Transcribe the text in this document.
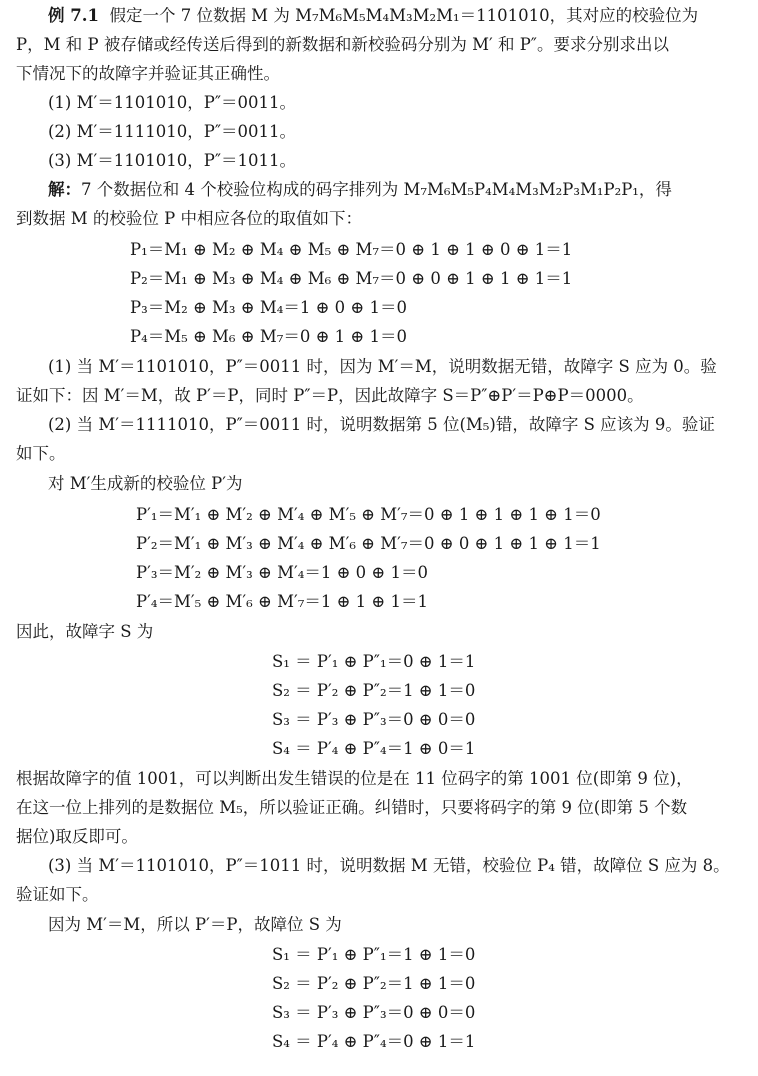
例 7.1 假定一个 7 位数据 M 为 M₇M₆M₅M₄M₃M₂M₁＝1101010，其对应的校验位为
P，M 和 P 被存储或经传送后得到的新数据和新校验码分别为 M′ 和 P″。要求分别求出以
下情况下的故障字并验证其正确性。
(1) M′＝1101010，P″＝0011。
(2) M′＝1111010，P″＝0011。
(3) M′＝1101010，P″＝1011。
解：7 个数据位和 4 个校验位构成的码字排列为 M₇M₆M₅P₄M₄M₃M₂P₃M₁P₂P₁，得
到数据 M 的校验位 P 中相应各位的取值如下：
P₁＝M₁ ⊕ M₂ ⊕ M₄ ⊕ M₅ ⊕ M₇＝0 ⊕ 1 ⊕ 1 ⊕ 0 ⊕ 1＝1
P₂＝M₁ ⊕ M₃ ⊕ M₄ ⊕ M₆ ⊕ M₇＝0 ⊕ 0 ⊕ 1 ⊕ 1 ⊕ 1＝1
P₃＝M₂ ⊕ M₃ ⊕ M₄＝1 ⊕ 0 ⊕ 1＝0
P₄＝M₅ ⊕ M₆ ⊕ M₇＝0 ⊕ 1 ⊕ 1＝0
(1) 当 M′＝1101010，P″＝0011 时，因为 M′＝M，说明数据无错，故障字 S 应为 0。验
证如下：因 M′＝M，故 P′＝P，同时 P″＝P，因此故障字 S＝P″⊕P′＝P⊕P＝0000。
(2) 当 M′＝1111010，P″＝0011 时，说明数据第 5 位(M₅)错，故障字 S 应该为 9。验证
如下。
对 M′生成新的校验位 P′为
P′₁＝M′₁ ⊕ M′₂ ⊕ M′₄ ⊕ M′₅ ⊕ M′₇＝0 ⊕ 1 ⊕ 1 ⊕ 1 ⊕ 1＝0
P′₂＝M′₁ ⊕ M′₃ ⊕ M′₄ ⊕ M′₆ ⊕ M′₇＝0 ⊕ 0 ⊕ 1 ⊕ 1 ⊕ 1＝1
P′₃＝M′₂ ⊕ M′₃ ⊕ M′₄＝1 ⊕ 0 ⊕ 1＝0
P′₄＝M′₅ ⊕ M′₆ ⊕ M′₇＝1 ⊕ 1 ⊕ 1＝1
因此，故障字 S 为
S₁ ＝ P′₁ ⊕ P″₁＝0 ⊕ 1＝1
S₂ ＝ P′₂ ⊕ P″₂＝1 ⊕ 1＝0
S₃ ＝ P′₃ ⊕ P″₃＝0 ⊕ 0＝0
S₄ ＝ P′₄ ⊕ P″₄＝1 ⊕ 0＝1
根据故障字的值 1001，可以判断出发生错误的位是在 11 位码字的第 1001 位(即第 9 位)，
在这一位上排列的是数据位 M₅，所以验证正确。纠错时，只要将码字的第 9 位(即第 5 个数
据位)取反即可。
(3) 当 M′＝1101010，P″＝1011 时，说明数据 M 无错，校验位 P₄ 错，故障位 S 应为 8。
验证如下。
因为 M′＝M，所以 P′＝P，故障位 S 为
S₁ ＝ P′₁ ⊕ P″₁＝1 ⊕ 1＝0
S₂ ＝ P′₂ ⊕ P″₂＝1 ⊕ 1＝0
S₃ ＝ P′₃ ⊕ P″₃＝0 ⊕ 0＝0
S₄ ＝ P′₄ ⊕ P″₄＝0 ⊕ 1＝1
